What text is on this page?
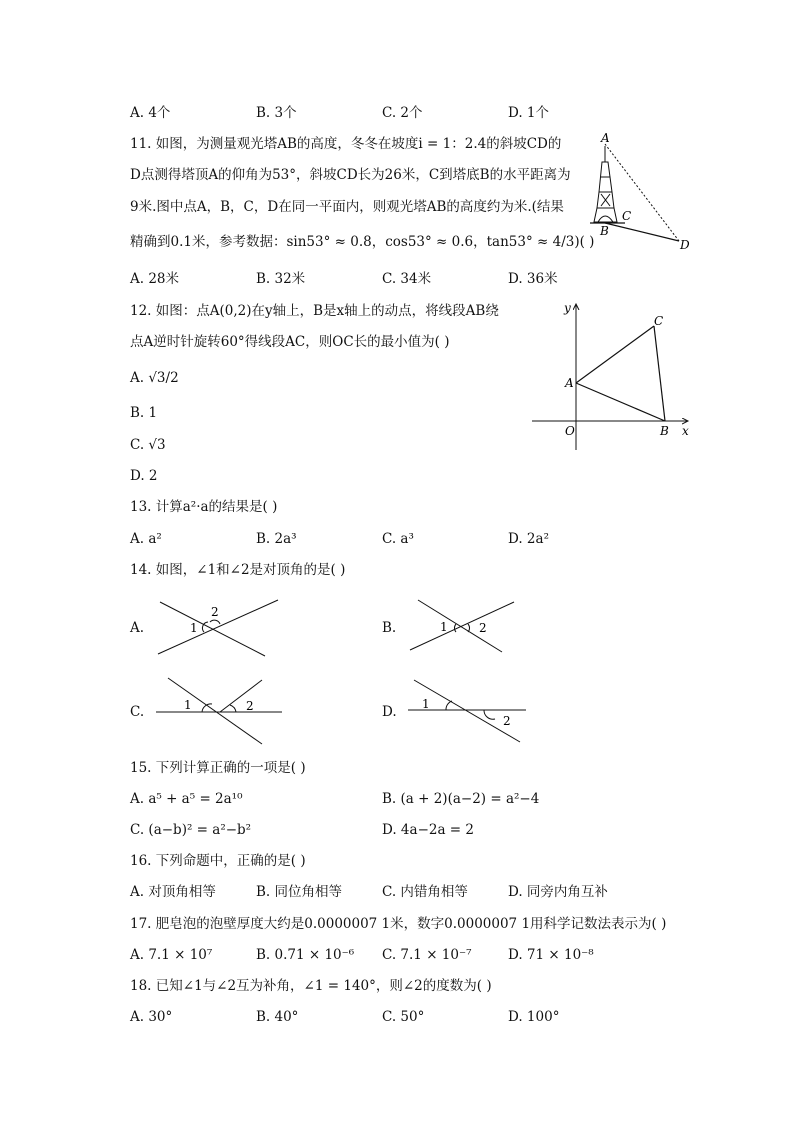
A. 4个	B. 3个	C. 2个	D. 1个
11. 如图，为测量观光塔AB的高度，冬冬在坡度i = 1：2.4的斜坡CD的
D点测得塔顶A的仰角为53°，斜坡CD长为26米，C到塔底B的水平距离为
9米.图中点A，B，C，D在同一平面内，则观光塔AB的高度约为米.(结果
精确到0.1米，参考数据：sin53° ≈ 0.8，cos53° ≈ 0.6，tan53° ≈ 4/3)( )
A
B
C
D
A. 28米	B. 32米	C. 34米	D. 36米
12. 如图：点A(0,2)在y轴上，B是x轴上的动点，将线段AB绕
点A逆时针旋转60°得线段AC，则OC长的最小值为( )
A. √3/2
B. 1
C. √3
D. 2
y
x
O
A
B
C
13. 计算a²·a的结果是( )
A. a²	B. 2a³	C. a³	D. 2a²
14. 如图，∠1和∠2是对顶角的是( )
A.	1
2
B.	1	2
C.	1	2	D. 1
2
15. 下列计算正确的一项是( )
A. a⁵ + a⁵ = 2a¹⁰	B. (a + 2)(a−2) = a²−4
C. (a−b)² = a²−b²	D. 4a−2a = 2
16. 下列命题中，正确的是( )
A. 对顶角相等	B. 同位角相等	C. 内错角相等	D. 同旁内角互补
17. 肥皂泡的泡壁厚度大约是0.0000007 1米，数字0.0000007 1用科学记数法表示为( )
A. 7.1 × 10⁷	B. 0.71 × 10⁻⁶ C. 7.1 × 10⁻⁷	D. 71 × 10⁻⁸
18. 已知∠1与∠2互为补角，∠1 = 140°，则∠2的度数为( )
A. 30°	B. 40°	C. 50°	D. 100°
